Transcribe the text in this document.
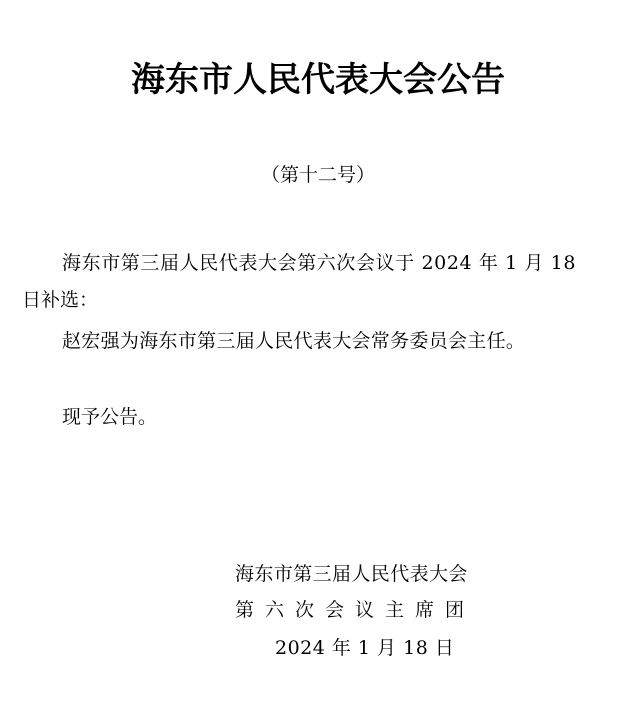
海东市人民代表大会公告
（第十二号）
海东市第三届人民代表大会第六次会议于 2024 年 1 月 18
日补选：
赵宏强为海东市第三届人民代表大会常务委员会主任。
现予公告。
海东市第三届人民代表大会
第六次会议主席团
2024 年 1 月 18 日
